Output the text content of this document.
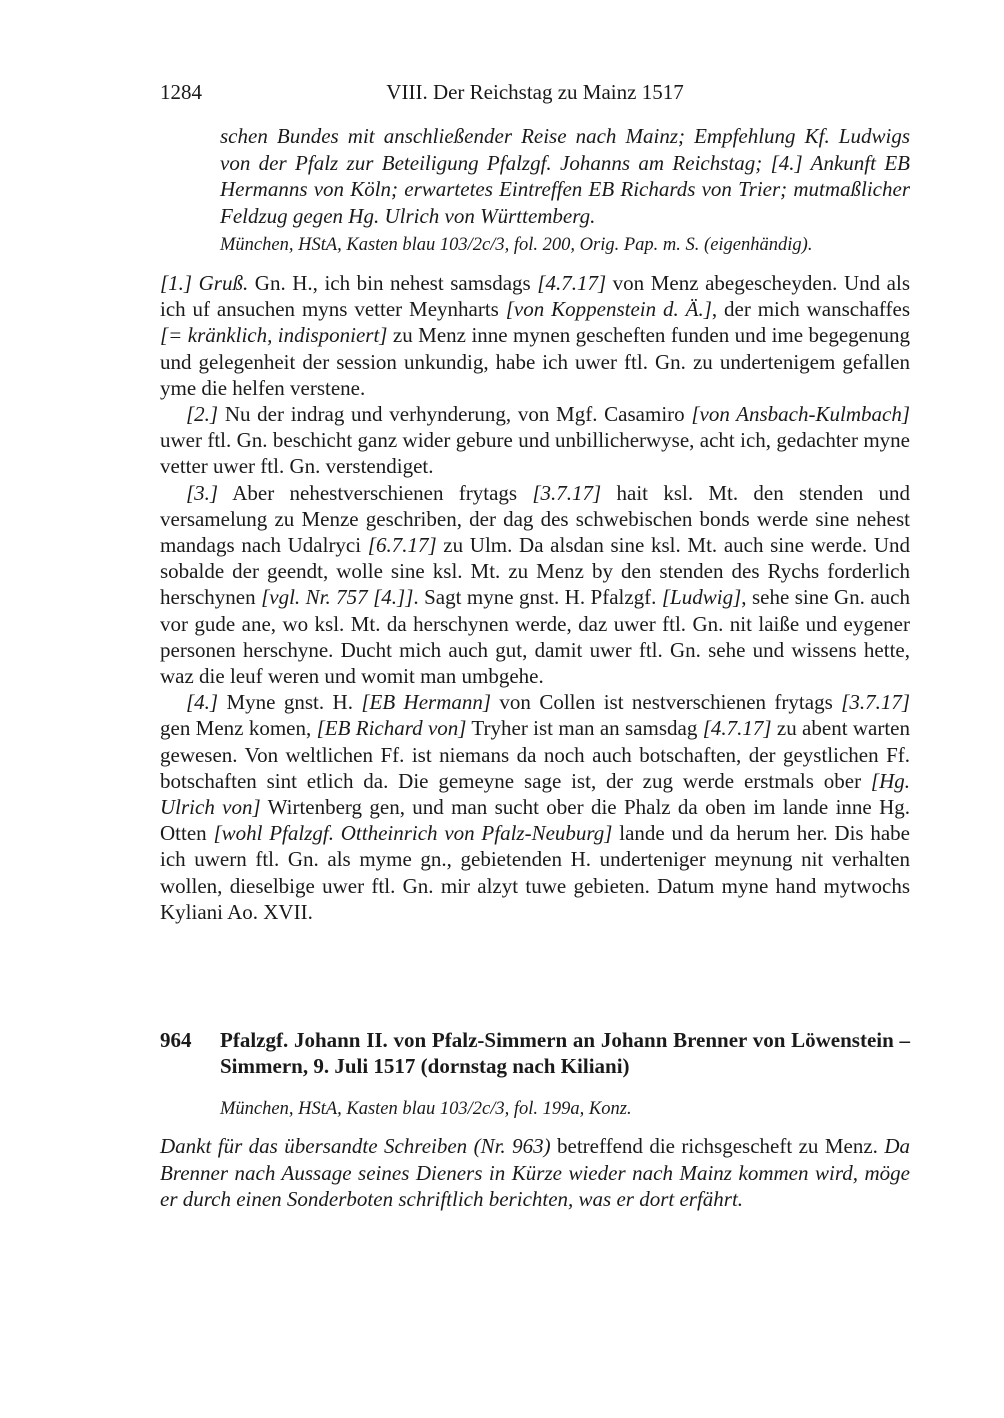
1284	VIII. Der Reichstag zu Mainz 1517
schen Bundes mit anschließender Reise nach Mainz; Empfehlung Kf. Ludwigs von der Pfalz zur Beteiligung Pfalzgf. Johanns am Reichstag; [4.] Ankunft EB Hermanns von Köln; erwartetes Eintreffen EB Richards von Trier; mutmaßlicher Feldzug gegen Hg. Ulrich von Württemberg.
München, HStA, Kasten blau 103/2c/3, fol. 200, Orig. Pap. m. S. (eigenhändig).

[1.] Gruß. Gn. H., ich bin nehest samsdags [4.7.17] von Menz abegescheyden. Und als ich uf ansuchen myns vetter Meynharts [von Koppenstein d. Ä.], der mich wanschaffes [= kränklich, indisponiert] zu Menz inne mynen gescheften funden und ime begegenung und gelegenheit der session unkundig, habe ich uwer ftl. Gn. zu undertenigem gefallen yme die helfen verstene.

[2.] Nu der indrag und verhynderung, von Mgf. Casamiro [von Ansbach-Kulmbach] uwer ftl. Gn. beschicht ganz wider gebure und unbillicherwyse, acht ich, gedachter myne vetter uwer ftl. Gn. verstendiget.

[3.] Aber nehestverschienen frytags [3.7.17] hait ksl. Mt. den stenden und versamelung zu Menze geschriben, der dag des schwebischen bonds werde sine nehest mandags nach Udalryci [6.7.17] zu Ulm. Da alsdan sine ksl. Mt. auch sine werde. Und sobalde der geendt, wolle sine ksl. Mt. zu Menz by den stenden des Rychs forderlich herschynen [vgl. Nr. 757 [4.]]. Sagt myne gnst. H. Pfalzgf. [Ludwig], sehe sine Gn. auch vor gude ane, wo ksl. Mt. da herschynen werde, daz uwer ftl. Gn. nit laiße und eygener personen herschyne. Ducht mich auch gut, damit uwer ftl. Gn. sehe und wissens hette, waz die leuf weren und womit man umbgehe.

[4.] Myne gnst. H. [EB Hermann] von Collen ist nestverschienen frytags [3.7.17] gen Menz komen, [EB Richard von] Tryher ist man an samsdag [4.7.17] zu abent warten gewesen. Von weltlichen Ff. ist niemans da noch auch botschaften, der geystlichen Ff. botschaften sint etlich da. Die gemeyne sage ist, der zug werde erstmals ober [Hg. Ulrich von] Wirtenberg gen, und man sucht ober die Phalz da oben im lande inne Hg. Otten [wohl Pfalzgf. Ottheinrich von Pfalz-Neuburg] lande und da herum her. Dis habe ich uwern ftl. Gn. als myme gn., gebietenden H. underteniger meynung nit verhalten wollen, dieselbige uwer ftl. Gn. mir alzyt tuwe gebieten. Datum myne hand mytwochs Kyliani Ao. XVII.

964 Pfalzgf. Johann II. von Pfalz-Simmern an Johann Brenner von Löwenstein – Simmern, 9. Juli 1517 (dornstag nach Kiliani)
München, HStA, Kasten blau 103/2c/3, fol. 199a, Konz.
Dankt für das übersandte Schreiben (Nr. 963) betreffend die richsgescheft zu Menz. Da Brenner nach Aussage seines Dieners in Kürze wieder nach Mainz kommen wird, möge er durch einen Sonderboten schriftlich berichten, was er dort erfährt.
